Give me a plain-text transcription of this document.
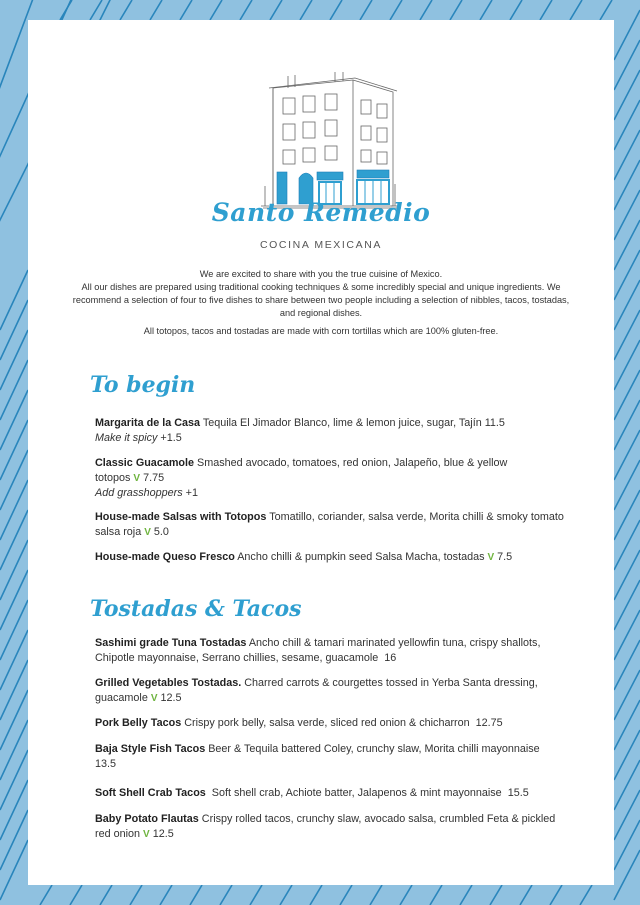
Santo Remedio
COCINA MEXICANA

We are excited to share with you the true cuisine of Mexico.

All our dishes are prepared using traditional cooking techniques & some incredibly special and unique ingredients. We recommend a selection of four to five dishes to share between two people including a selection of nibbles, tacos, tostadas, and regional dishes.

All totopos, tacos and tostadas are made with corn tortillas which are 100% gluten-free.

To begin
Margarita de la Casa Tequila El Jimador Blanco, lime & lemon juice, sugar, Tajín 11.5
Make it spicy +1.5
Classic Guacamole Smashed avocado, tomatoes, red onion, Jalapeño, blue & yellow totopos V 7.75
Add grasshoppers +1
House-made Salsas with Totopos Tomatillo, coriander, salsa verde, Morita chilli & smoky tomato salsa roja V 5.0
House-made Queso Fresco Ancho chilli & pumpkin seed Salsa Macha, tostadas V 7.5
Tostadas & Tacos
Sashimi grade Tuna Tostadas Ancho chill & tamari marinated yellowfin tuna, crispy shallots, Chipotle mayonnaise, Serrano chillies, sesame, guacamole 16
Grilled Vegetables Tostadas. Charred carrots & courgettes tossed in Yerba Santa dressing, guacamole V 12.5
Pork Belly Tacos Crispy pork belly, salsa verde, sliced red onion & chicharron 12.75
Baja Style Fish Tacos Beer & Tequila battered Coley, crunchy slaw, Morita chilli mayonnaise  13.5
Soft Shell Crab Tacos Soft shell crab, Achiote batter, Jalapenos & mint mayonnaise 15.5
Baby Potato Flautas Crispy rolled tacos, crunchy slaw, avocado salsa, crumbled Feta & pickled red onion V 12.5
